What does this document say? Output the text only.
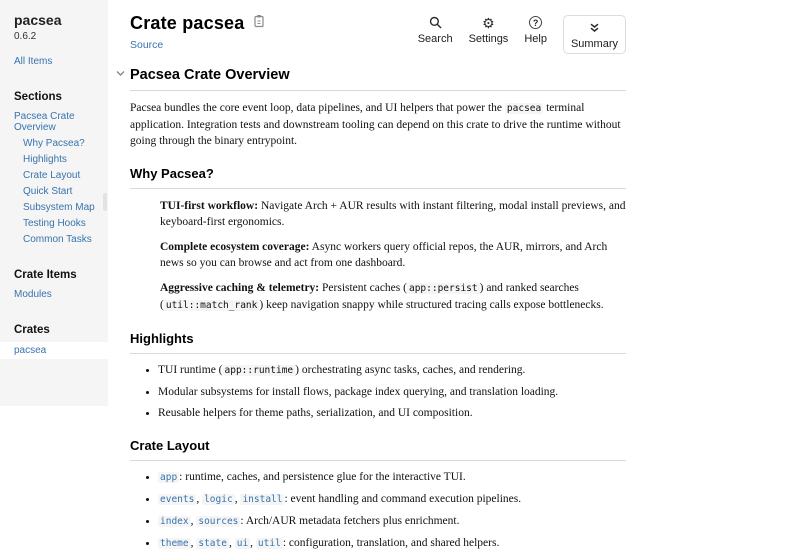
pacsea
0.6.2
All Items
Sections
Pacsea Crate Overview
Why Pacsea?
Highlights
Crate Layout
Quick Start
Subsystem Map
Testing Hooks
Common Tasks
Crate Items
Modules
Crates
pacsea
Crate pacsea
Source	Search
⚙
Settings
?
Help Summary
Pacsea Crate Overview

Pacsea bundles the core event loop, data pipelines, and UI helpers that power the pacsea terminal application. Integration tests and downstream tooling can depend on this crate to drive the runtime without going through the binary entrypoint.

Why Pacsea?

TUI-first workflow: Navigate Arch + AUR results with instant filtering, modal install previews, and keyboard-first ergonomics.

Complete ecosystem coverage: Async workers query official repos, the AUR, mirrors, and Arch news so you can browse and act from one dashboard.

Aggressive caching & telemetry: Persistent caches ( app::persist ) and ranked searches ( util::match_rank ) keep navigation snappy while structured tracing calls expose bottlenecks.

Highlights
• TUI runtime ( app::runtime ) orchestrating async tasks, caches, and rendering.
• Modular subsystems for install flows, package index querying, and translation loading.
• Reusable helpers for theme paths, serialization, and UI composition.
Crate Layout
• app : runtime, caches, and persistence glue for the interactive TUI.
• events , logic , install : event handling and command execution pipelines.
• index , sources : Arch/AUR metadata fetchers plus enrichment.
• theme , state , ui , util : configuration, translation, and shared helpers.
